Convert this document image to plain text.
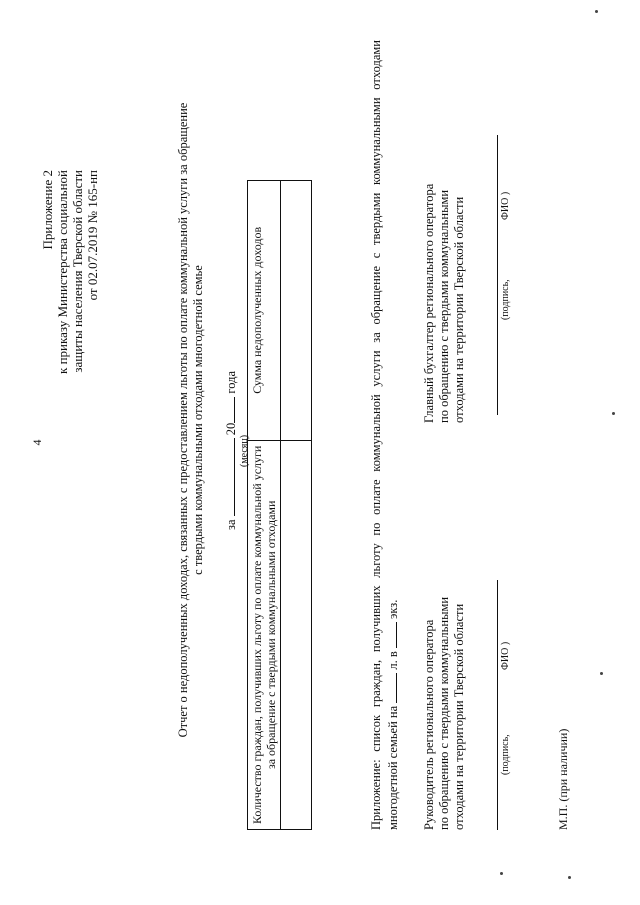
4
Приложение 2 к приказу Министерства социальной защиты населения Тверской области от 02.07.2019 № 165-нп	Отчет о недополученных доходах, связанных с предоставлением льготы по оплате коммунальной услуги за обращение
с твердыми коммунальными отходами многодетной семье за  20 года
(месяц) Количество граждан, получивших льготу по оплате коммунальной услуги за обращение с твердыми коммунальными отходами	Сумма недополученных доходов
		Приложение: список граждан, получивших льготу по оплате коммунальной услуги за обращение с твердыми коммунальными отходами многодетной семьей на  л. в  экз.
Руководитель регионального оператора по обращению с твердыми коммунальными отходами на территории Тверской области	(подпись,
ФИО )
Главный бухгалтер регионального оператора по обращению с твердыми коммунальными отходами на территории Тверской области	(подпись,
ФИО )
М.П. (при наличии)
